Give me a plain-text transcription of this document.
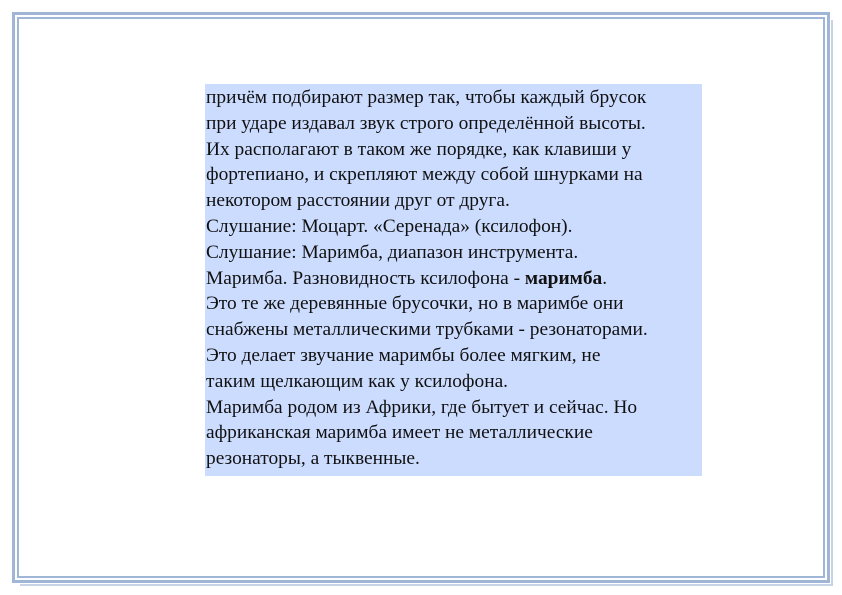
причём подбирают размер так, чтобы каждый брусок
при ударе издавал звук строго определённой высоты.
Их располагают в таком же порядке, как клавиши у
фортепиано, и скрепляют между собой шнурками на
некотором расстоянии друг от друга.

Слушание: Моцарт. «Серенада» (ксилофон).
Слушание: Маримба, диапазон инструмента.
Маримба. Разновидность ксилофона - маримба.

Это те же деревянные брусочки, но в маримбе они
снабжены металлическими трубками - резонаторами.
Это делает звучание маримбы более мягким, не
таким щелкающим как у ксилофона.

Маримба родом из Африки, где бытует и сейчас. Но
африканская маримба имеет не металлические
резонаторы, а тыквенные.
